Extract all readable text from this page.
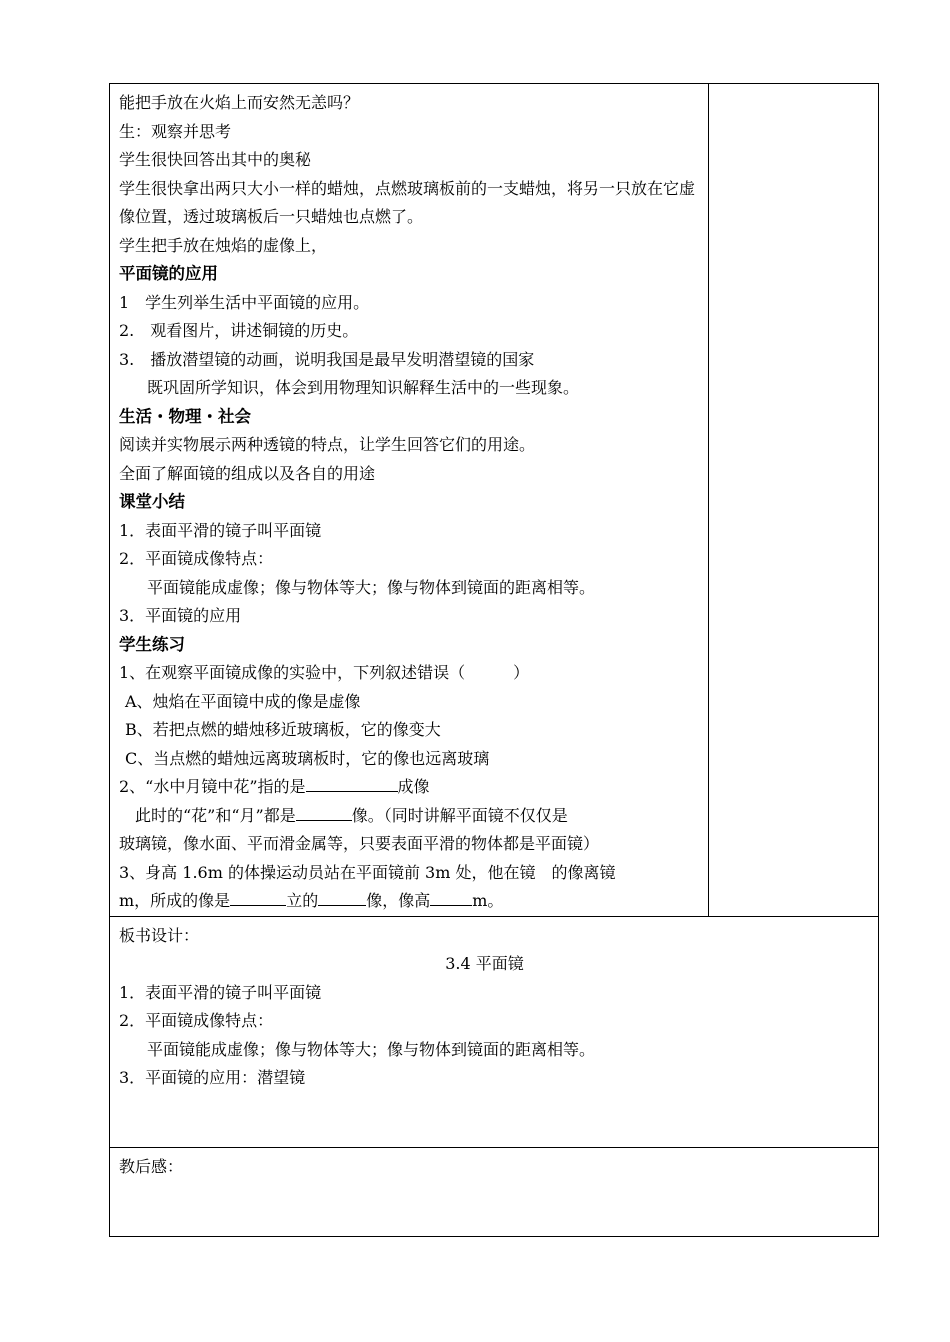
能把手放在火焰上而安然无恙吗？
生：观察并思考
学生很快回答出其中的奥秘
学生很快拿出两只大小一样的蜡烛，点燃玻璃板前的一支蜡烛，将另一只放在它虚像位置，透过玻璃板后一只蜡烛也点燃了。
学生把手放在烛焰的虚像上，
平面镜的应用
1　学生列举生活中平面镜的应用。
2.　观看图片，讲述铜镜的历史。
3.　播放潜望镜的动画，说明我国是最早发明潜望镜的国家
既巩固所学知识，体会到用物理知识解释生活中的一些现象。
生活・物理・社会
阅读并实物展示两种透镜的特点，让学生回答它们的用途。
全面了解面镜的组成以及各自的用途
课堂小结
1．表面平滑的镜子叫平面镜
2．平面镜成像特点：
平面镜能成虚像；像与物体等大；像与物体到镜面的距离相等。
3．平面镜的应用
学生练习
1、在观察平面镜成像的实验中，下列叙述错误（　　　）
A、烛焰在平面镜中成的像是虚像
B、若把点燃的蜡烛移近玻璃板，它的像变大
C、当点燃的蜡烛远离玻璃板时，它的像也远离玻璃
2、“水中月镜中花”指的是	成像
此时的“花”和“月”都是	像。（同时讲解平面镜不仅仅是
玻璃镜，像水面、平而滑金属等，只要表面平滑的物体都是平面镜）
3、身高 1.6m 的体操运动员站在平面镜前 3m 处，他在镜　的像离镜
m，所成的像是	立的	像，像高	m。

板书设计：
3.4 平面镜
1．表面平滑的镜子叫平面镜
2．平面镜成像特点：
平面镜能成虚像；像与物体等大；像与物体到镜面的距离相等。
3．平面镜的应用：潜望镜

教后感：
